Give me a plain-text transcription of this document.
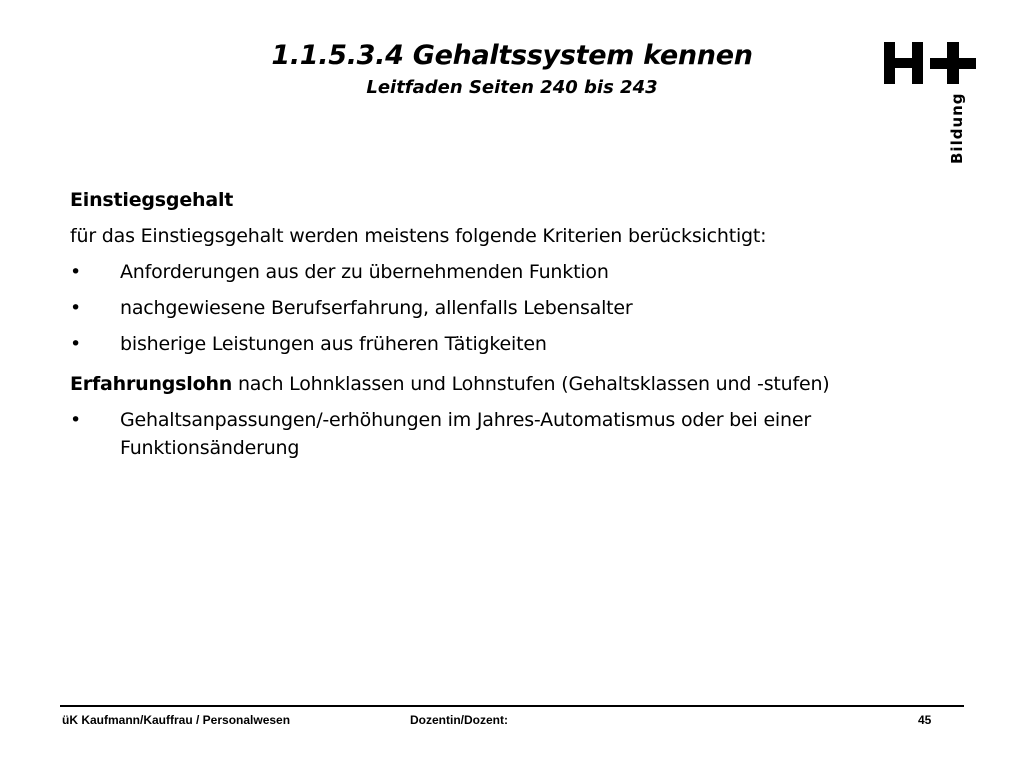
1.1.5.3.4 Gehaltssystem kennen
Leitfaden Seiten 240 bis 243
Bildung
Einstiegsgehalt
für das Einstiegsgehalt werden meistens folgende Kriterien berücksichtigt:
• Anforderungen aus der zu übernehmenden Funktion
• nachgewiesene Berufserfahrung, allenfalls Lebensalter
• bisherige Leistungen aus früheren Tätigkeiten
Erfahrungslohn nach Lohnklassen und Lohnstufen (Gehaltsklassen und -stufen)
• Gehaltsanpassungen/-erhöhungen im Jahres-Automatismus oder bei einer Funktionsänderung
üK Kaufmann/Kauffrau / Personalwesen	Dozentin/Dozent:	45
